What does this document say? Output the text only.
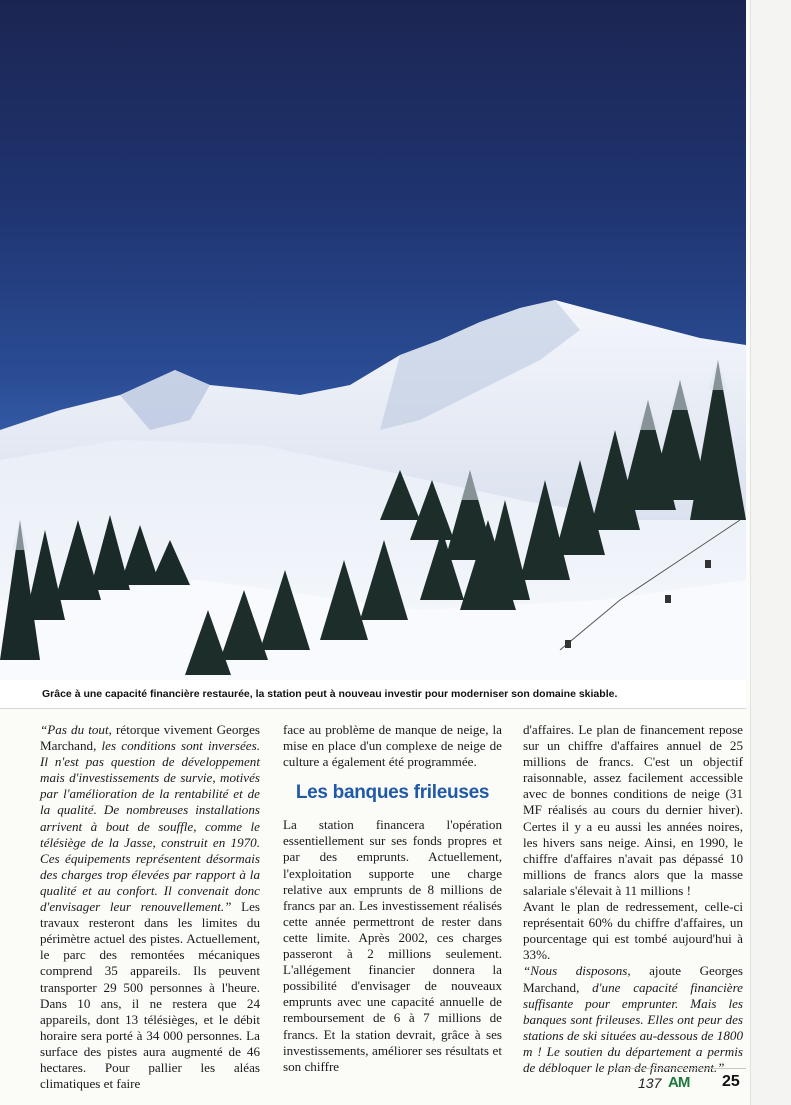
Grâce à une capacité financière restaurée, la station peut à nouveau investir pour moderniser son domaine skiable.

“Pas du tout, rétorque vivement Georges Marchand, les conditions sont inversées. Il n'est pas question de développement mais d'investissements de survie, motivés par l'amélioration de la rentabilité et de la qualité. De nombreuses installations arrivent à bout de souffle, comme le télésiège de la Jasse, construit en 1970. Ces équipements représentent désormais des charges trop élevées par rapport à la qualité et au confort. Il convenait donc d'envisager leur renouvellement.” Les travaux resteront dans les limites du périmètre actuel des pistes. Actuellement, le parc des remontées mécaniques comprend 35 appareils. Ils peuvent transporter 29 500 personnes à l'heure. Dans 10 ans, il ne restera que 24 appareils, dont 13 télésièges, et le débit horaire sera porté à 34 000 personnes. La surface des pistes aura augmenté de 46 hectares. Pour pallier les aléas climatiques et faire

face au problème de manque de neige, la mise en place d'un complexe de neige de culture a également été programmée.

Les banques frileuses

La station financera l'opération essentiellement sur ses fonds propres et par des emprunts. Actuellement, l'exploitation supporte une charge relative aux emprunts de 8 millions de francs par an. Les investissement réalisés cette année permettront de rester dans cette limite. Après 2002, ces charges passeront à 2 millions seulement. L'allégement financier donnera la possibilité d'envisager de nouveaux emprunts avec une capacité annuelle de remboursement de 6 à 7 millions de francs. Et la station devrait, grâce à ses investissements, améliorer ses résultats et son chiffre

d'affaires. Le plan de financement repose sur un chiffre d'affaires annuel de 25 millions de francs. C'est un objectif raisonnable, assez facilement accessible avec de bonnes conditions de neige (31 MF réalisés au cours du dernier hiver). Certes il y a eu aussi les années noires, les hivers sans neige. Ainsi, en 1990, le chiffre d'affaires n'avait pas dépassé 10 millions de francs alors que la masse salariale s'élevait à 11 millions !

Avant le plan de redressement, celle-ci représentait 60% du chiffre d'affaires, un pourcentage qui est tombé aujourd'hui à 33%.

“Nous disposons, ajoute Georges Marchand, d'une capacité financière suffisante pour emprunter. Mais les banques sont frileuses. Elles ont peur des stations de ski situées au-dessous de 1800 m ! Le soutien du département a permis de débloquer le plan de financement.”

137 AM 25
